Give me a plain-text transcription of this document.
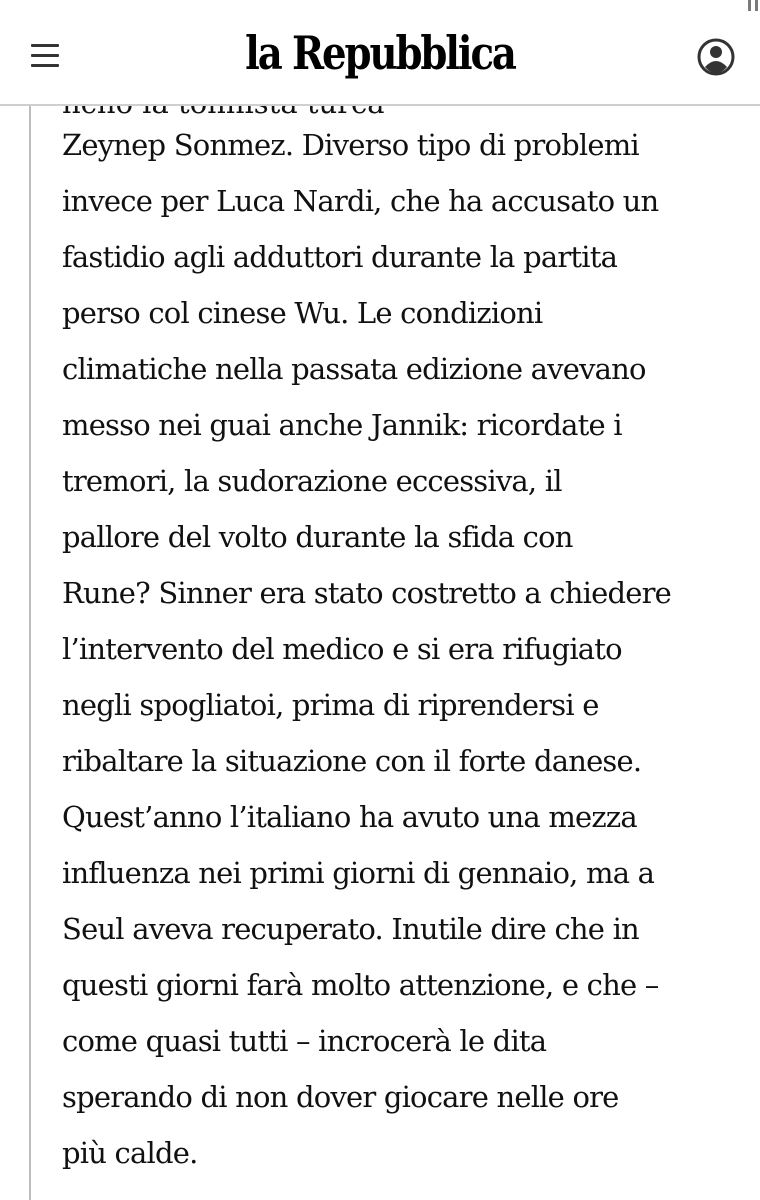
la Repubblica
Zeynep Sonmez. Diverso tipo di problemi
invece per Luca Nardi, che ha accusato un
fastidio agli adduttori durante la partita
perso col cinese Wu. Le condizioni
climatiche nella passata edizione avevano
messo nei guai anche Jannik: ricordate i
tremori, la sudorazione eccessiva, il
pallore del volto durante la sfida con
Rune? Sinner era stato costretto a chiedere
l’intervento del medico e si era rifugiato
negli spogliatoi, prima di riprendersi e
ribaltare la situazione con il forte danese.
Quest’anno l’italiano ha avuto una mezza
influenza nei primi giorni di gennaio, ma a
Seul aveva recuperato. Inutile dire che in
questi giorni farà molto attenzione, e che –
come quasi tutti – incrocerà le dita
sperando di non dover giocare nelle ore
più calde.
